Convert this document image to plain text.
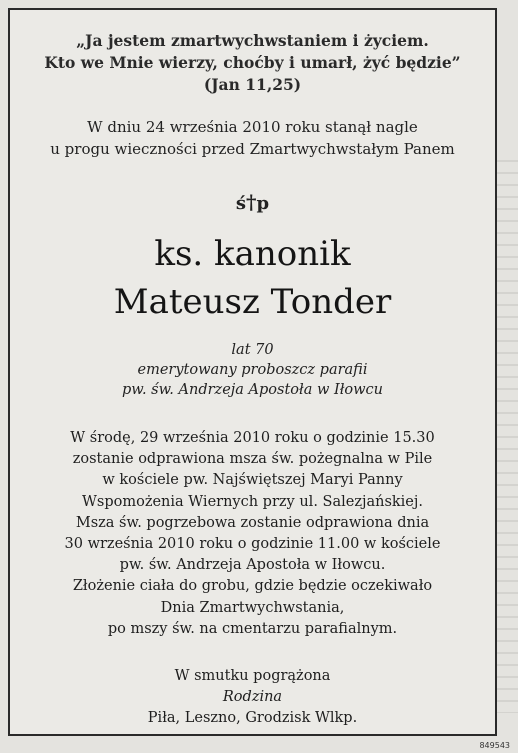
„Ja jestem zmartwychwstaniem i życiem.
Kto we Mnie wierzy, choćby i umarł, żyć będzie”
(Jan 11,25)
W dniu 24 września 2010 roku stanął nagle
u progu wieczności przed Zmartwychwstałym Panem
ś†p
ks. kanonik
Mateusz Tonder
lat 70
emerytowany proboszcz parafii
pw. św. Andrzeja Apostoła w Iłowcu
W środę, 29 września 2010 roku o godzinie 15.30
zostanie odprawiona msza św. pożegnalna w Pile
w kościele pw. Najświętszej Maryi Panny
Wspomożenia Wiernych przy ul. Salezjańskiej.
Msza św. pogrzebowa zostanie odprawiona dnia
30 września 2010 roku o godzinie 11.00 w kościele
pw. św. Andrzeja Apostoła w Iłowcu.
Złożenie ciała do grobu, gdzie będzie oczekiwało
Dnia Zmartwychwstania,
po mszy św. na cmentarzu parafialnym.
W smutku pogrążona
Rodzina
Piła, Leszno, Grodzisk Wlkp.
849543
